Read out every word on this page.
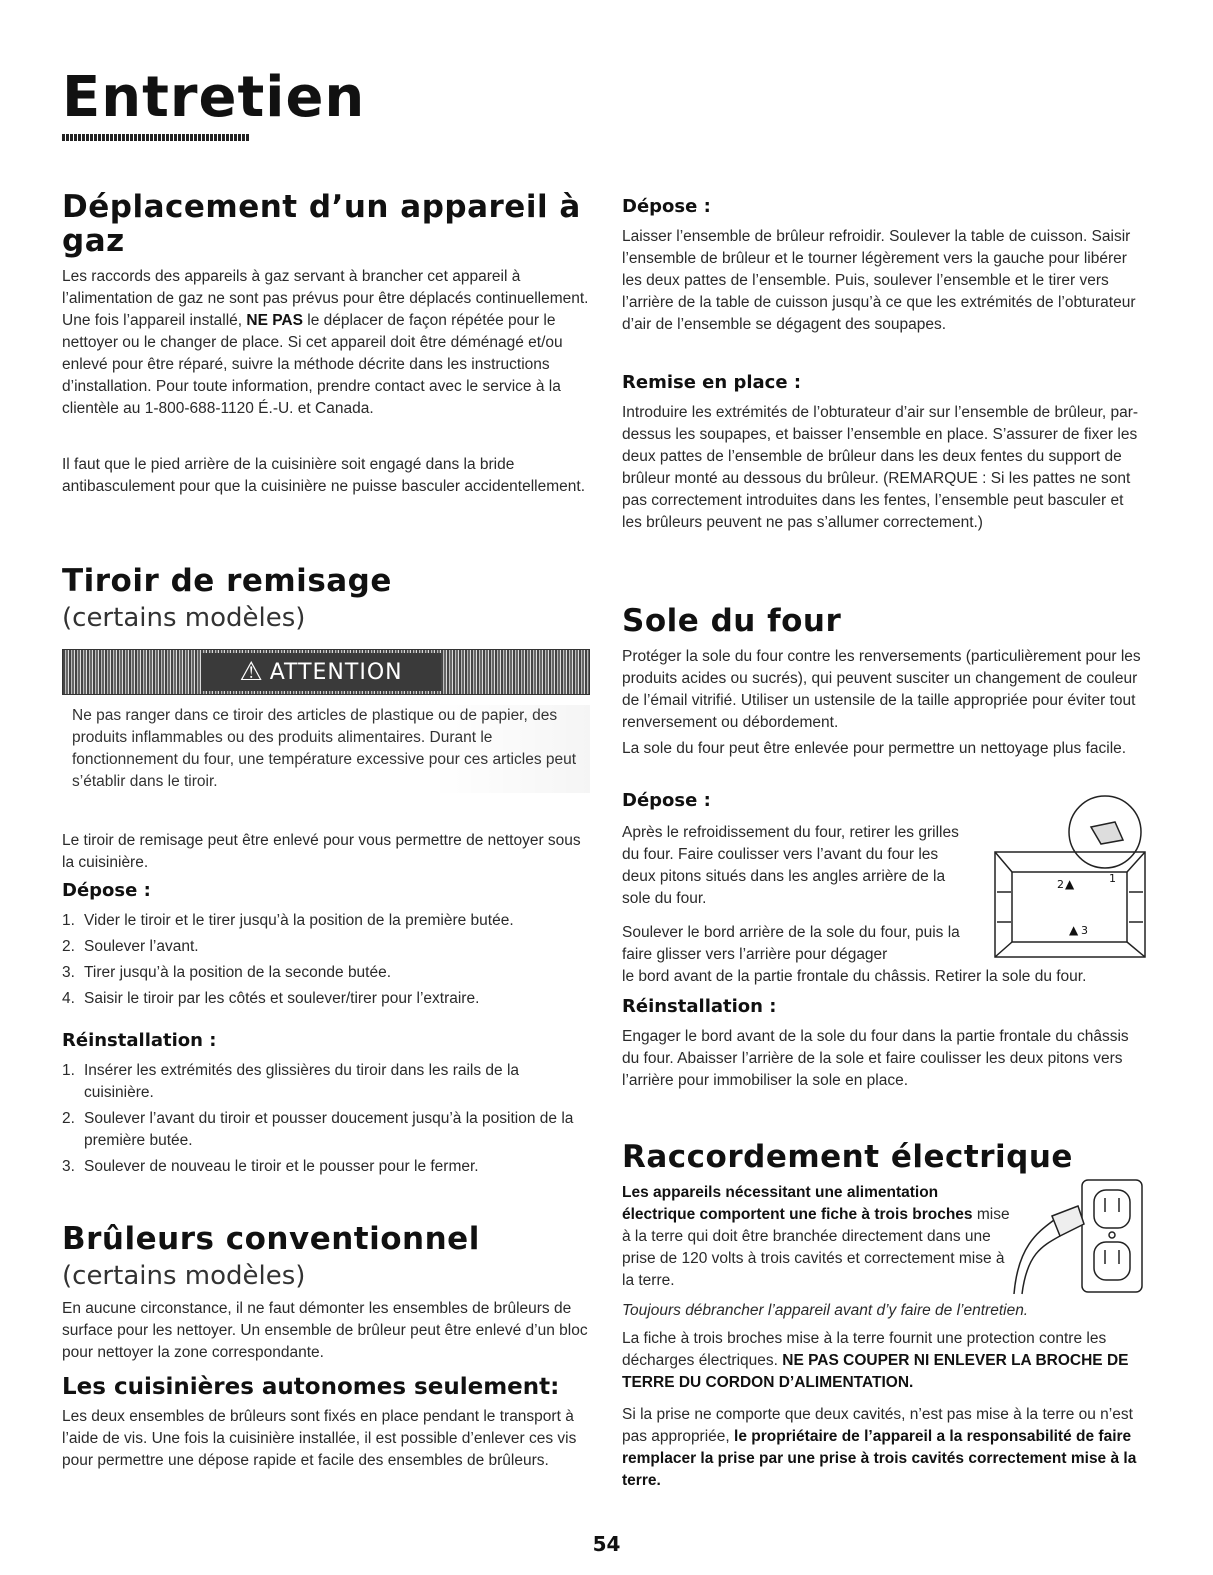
Entretien
Déplacement d’un appareil à gaz

Les raccords des appareils à gaz servant à brancher cet appareil à l’alimentation de gaz ne sont pas prévus pour être déplacés continuellement. Une fois l’appareil installé, NE PAS le déplacer de façon répétée pour le nettoyer ou le changer de place. Si cet appareil doit être déménagé et/ou enlevé pour être réparé, suivre la méthode décrite dans les instructions d’installation. Pour toute information, prendre contact avec le service à la clientèle au 1-800-688-1120 É.-U. et Canada.

Il faut que le pied arrière de la cuisinière soit engagé dans la bride antibasculement pour que la cuisinière ne puisse basculer accidentellement.

Tiroir de remisage

(certains modèles)

⚠ ATTENTION

Ne pas ranger dans ce tiroir des articles de plastique ou de papier, des produits inflammables ou des produits alimentaires. Durant le fonctionnement du four, une température excessive pour ces articles peut s’établir dans le tiroir.

Le tiroir de remisage peut être enlevé pour vous permettre de nettoyer sous la cuisinière.

Dépose :
1. Vider le tiroir et le tirer jusqu’à la position de la première butée.
2. Soulever l’avant.
3. Tirer jusqu’à la position de la seconde butée.
4. Saisir le tiroir par les côtés et soulever/tirer pour l’extraire.
Réinstallation :
1. Insérer les extrémités des glissières du tiroir dans les rails de la cuisinière.
2. Soulever l’avant du tiroir et pousser doucement jusqu’à la position de la première butée.
3. Soulever de nouveau le tiroir et le pousser pour le fermer.
Brûleurs conventionnel

(certains modèles)

En aucune circonstance, il ne faut démonter les ensembles de brûleurs de surface pour les nettoyer. Un ensemble de brûleur peut être enlevé d’un bloc pour nettoyer la zone correspondante.

Les cuisinières autonomes seulement:

Les deux ensembles de brûleurs sont fixés en place pendant le transport à l’aide de vis. Une fois la cuisinière installée, il est possible d’enlever ces vis pour permettre une dépose rapide et facile des ensembles de brûleurs.

Dépose :

Laisser l’ensemble de brûleur refroidir. Soulever la table de cuisson. Saisir l’ensemble de brûleur et le tourner légèrement vers la gauche pour libérer les deux pattes de l’ensemble. Puis, soulever l’ensemble et le tirer vers l’arrière de la table de cuisson jusqu’à ce que les extrémités de l’obturateur d’air de l’ensemble se dégagent des soupapes.

Remise en place :

Introduire les extrémités de l’obturateur d’air sur l’ensemble de brûleur, par-dessus les soupapes, et baisser l’ensemble en place. S’assurer de fixer les deux pattes de l’ensemble de brûleur dans les deux fentes du support de brûleur monté au dessous du brûleur. (REMARQUE : Si les pattes ne sont pas correctement introduites dans les fentes, l’ensemble peut basculer et les brûleurs peuvent ne pas s’allumer correctement.)

Sole du four

Protéger la sole du four contre les renversements (particulièrement pour les produits acides ou sucrés), qui peuvent susciter un changement de couleur de l’émail vitrifié. Utiliser un ustensile de la taille appropriée pour éviter tout renversement ou débordement.

La sole du four peut être enlevée pour permettre un nettoyage plus facile.

Dépose :

Après le refroidissement du four, retirer les grilles du four. Faire coulisser vers l’avant du four les deux pitons situés dans les angles arrière de la sole du four.

Soulever le bord arrière de la sole du four, puis la faire glisser vers l’arrière pour dégager

le bord avant de la partie frontale du châssis. Retirer la sole du four.

2 ▲	1
▲ 3
Réinstallation :

Engager le bord avant de la sole du four dans la partie frontale du châssis du four. Abaisser l’arrière de la sole et faire coulisser les deux pitons vers l’arrière pour immobiliser la sole en place.

Raccordement électrique

Les appareils nécessitant une alimentation électrique comportent une fiche à trois broches mise à la terre qui doit être branchée directement dans une prise de 120 volts à trois cavités et correctement mise à la terre.

Toujours débrancher l’appareil avant d’y faire de l’entretien.

La fiche à trois broches mise à la terre fournit une protection contre les décharges électriques. NE PAS COUPER NI ENLEVER LA BROCHE DE TERRE DU CORDON D’ALIMENTATION.

Si la prise ne comporte que deux cavités, n’est pas mise à la terre ou n’est pas appropriée, le propriétaire de l’appareil a la responsabilité de faire remplacer la prise par une prise à trois cavités correctement mise à la terre.

54
